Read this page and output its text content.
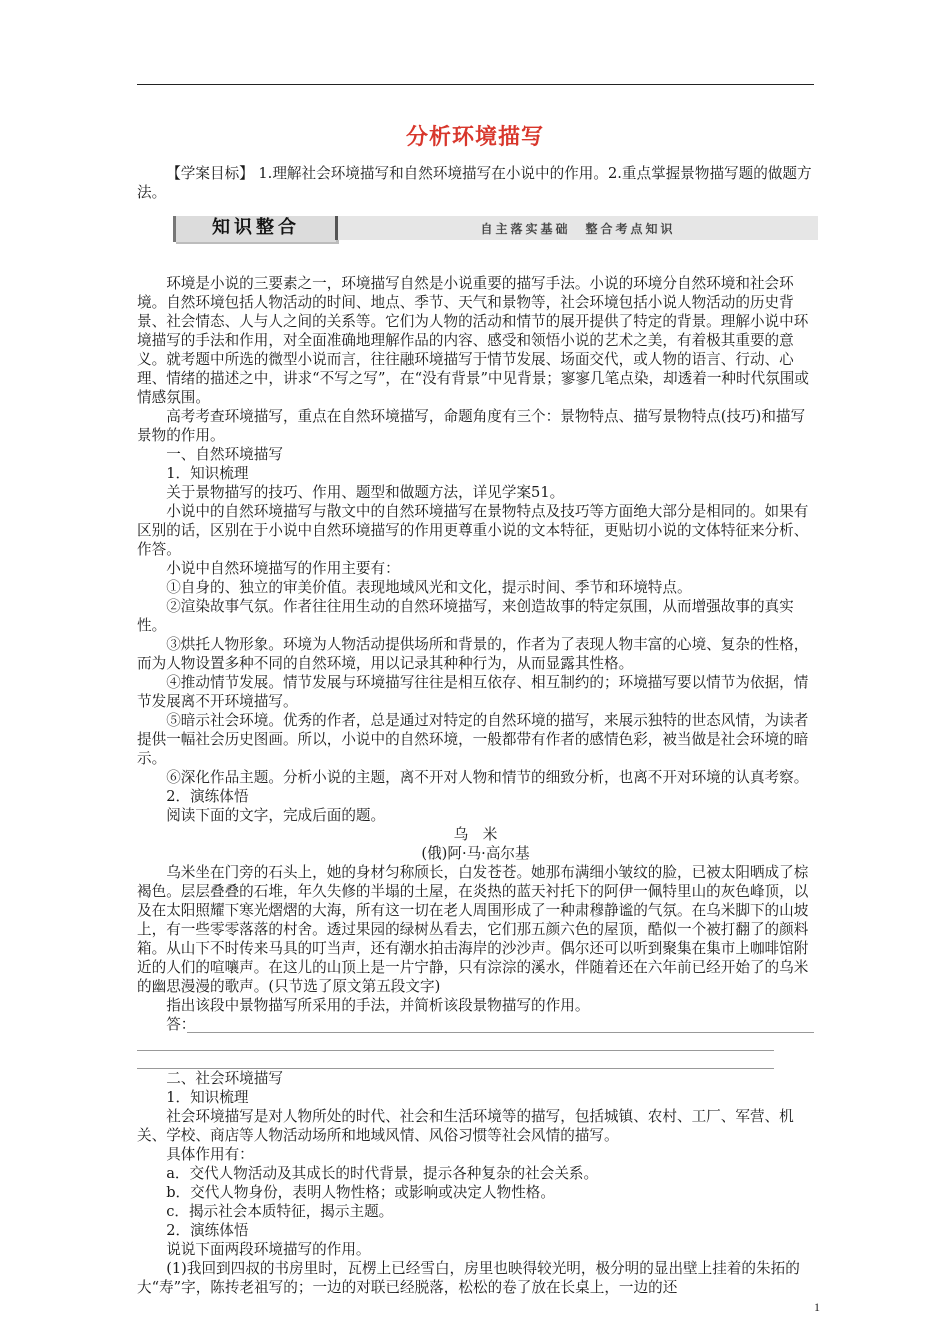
分析环境描写

【学案目标】 1.理解社会环境描写和自然环境描写在小说中的作用。2.重点掌握景物描写题的做题方法。

知识整合	自主落实基础　整合考点知识

环境是小说的三要素之一，环境描写自然是小说重要的描写手法。小说的环境分自然环境和社会环境。自然环境包括人物活动的时间、地点、季节、天气和景物等，社会环境包括小说人物活动的历史背景、社会情态、人与人之间的关系等。它们为人物的活动和情节的展开提供了特定的背景。理解小说中环境描写的手法和作用，对全面准确地理解作品的内容、感受和领悟小说的艺术之美，有着极其重要的意义。就考题中所选的微型小说而言，往往融环境描写于情节发展、场面交代，或人物的语言、行动、心理、情绪的描述之中，讲求“不写之写”，在“没有背景”中见背景；寥寥几笔点染，却透着一种时代氛围或情感氛围。

高考考查环境描写，重点在自然环境描写，命题角度有三个：景物特点、描写景物特点(技巧)和描写景物的作用。

一、自然环境描写

1．知识梳理

关于景物描写的技巧、作用、题型和做题方法，详见学案51。

小说中的自然环境描写与散文中的自然环境描写在景物特点及技巧等方面绝大部分是相同的。如果有区别的话，区别在于小说中自然环境描写的作用更尊重小说的文本特征，更贴切小说的文体特征来分析、作答。

小说中自然环境描写的作用主要有：

①自身的、独立的审美价值。表现地域风光和文化，提示时间、季节和环境特点。

②渲染故事气氛。作者往往用生动的自然环境描写，来创造故事的特定氛围，从而增强故事的真实性。

③烘托人物形象。环境为人物活动提供场所和背景的，作者为了表现人物丰富的心境、复杂的性格，而为人物设置多种不同的自然环境，用以记录其种种行为，从而显露其性格。

④推动情节发展。情节发展与环境描写往往是相互依存、相互制约的；环境描写要以情节为依据，情节发展离不开环境描写。

⑤暗示社会环境。优秀的作者，总是通过对特定的自然环境的描写，来展示独特的世态风情，为读者提供一幅社会历史图画。所以，小说中的自然环境，一般都带有作者的感情色彩，被当做是社会环境的暗示。

⑥深化作品主题。分析小说的主题，离不开对人物和情节的细致分析，也离不开对环境的认真考察。

2．演练体悟

阅读下面的文字，完成后面的题。

乌　米

(俄)阿·马·高尔基

乌米坐在门旁的石头上，她的身材匀称颀长，白发苍苍。她那布满细小皱纹的脸，已被太阳晒成了棕褐色。层层叠叠的石堆，年久失修的半塌的土屋，在炎热的蓝天衬托下的阿伊一佩特里山的灰色峰顶，以及在太阳照耀下寒光熠熠的大海，所有这一切在老人周围形成了一种肃穆静谧的气氛。在乌米脚下的山坡上，有一些零零落落的村舍。透过果园的绿树丛看去，它们那五颜六色的屋顶，酷似一个被打翻了的颜料箱。从山下不时传来马具的叮当声，还有潮水拍击海岸的沙沙声。偶尔还可以听到聚集在集市上咖啡馆附近的人们的喧嚷声。在这儿的山顶上是一片宁静，只有淙淙的溪水，伴随着还在六年前已经开始了的乌米的幽思漫漫的歌声。(只节选了原文第五段文字)

指出该段中景物描写所采用的手法，并简析该段景物描写的作用。

答：

二、社会环境描写

1．知识梳理

社会环境描写是对人物所处的时代、社会和生活环境等的描写，包括城镇、农村、工厂、军营、机关、学校、商店等人物活动场所和地域风情、风俗习惯等社会风情的描写。

具体作用有：

a．交代人物活动及其成长的时代背景，提示各种复杂的社会关系。

b．交代人物身份，表明人物性格；或影响或决定人物性格。

c．揭示社会本质特征，揭示主题。

2．演练体悟

说说下面两段环境描写的作用。

(1)我回到四叔的书房里时，瓦楞上已经雪白，房里也映得较光明，极分明的显出壁上挂着的朱拓的大“寿”字，陈抟老祖写的；一边的对联已经脱落，松松的卷了放在长桌上，一边的还

1
